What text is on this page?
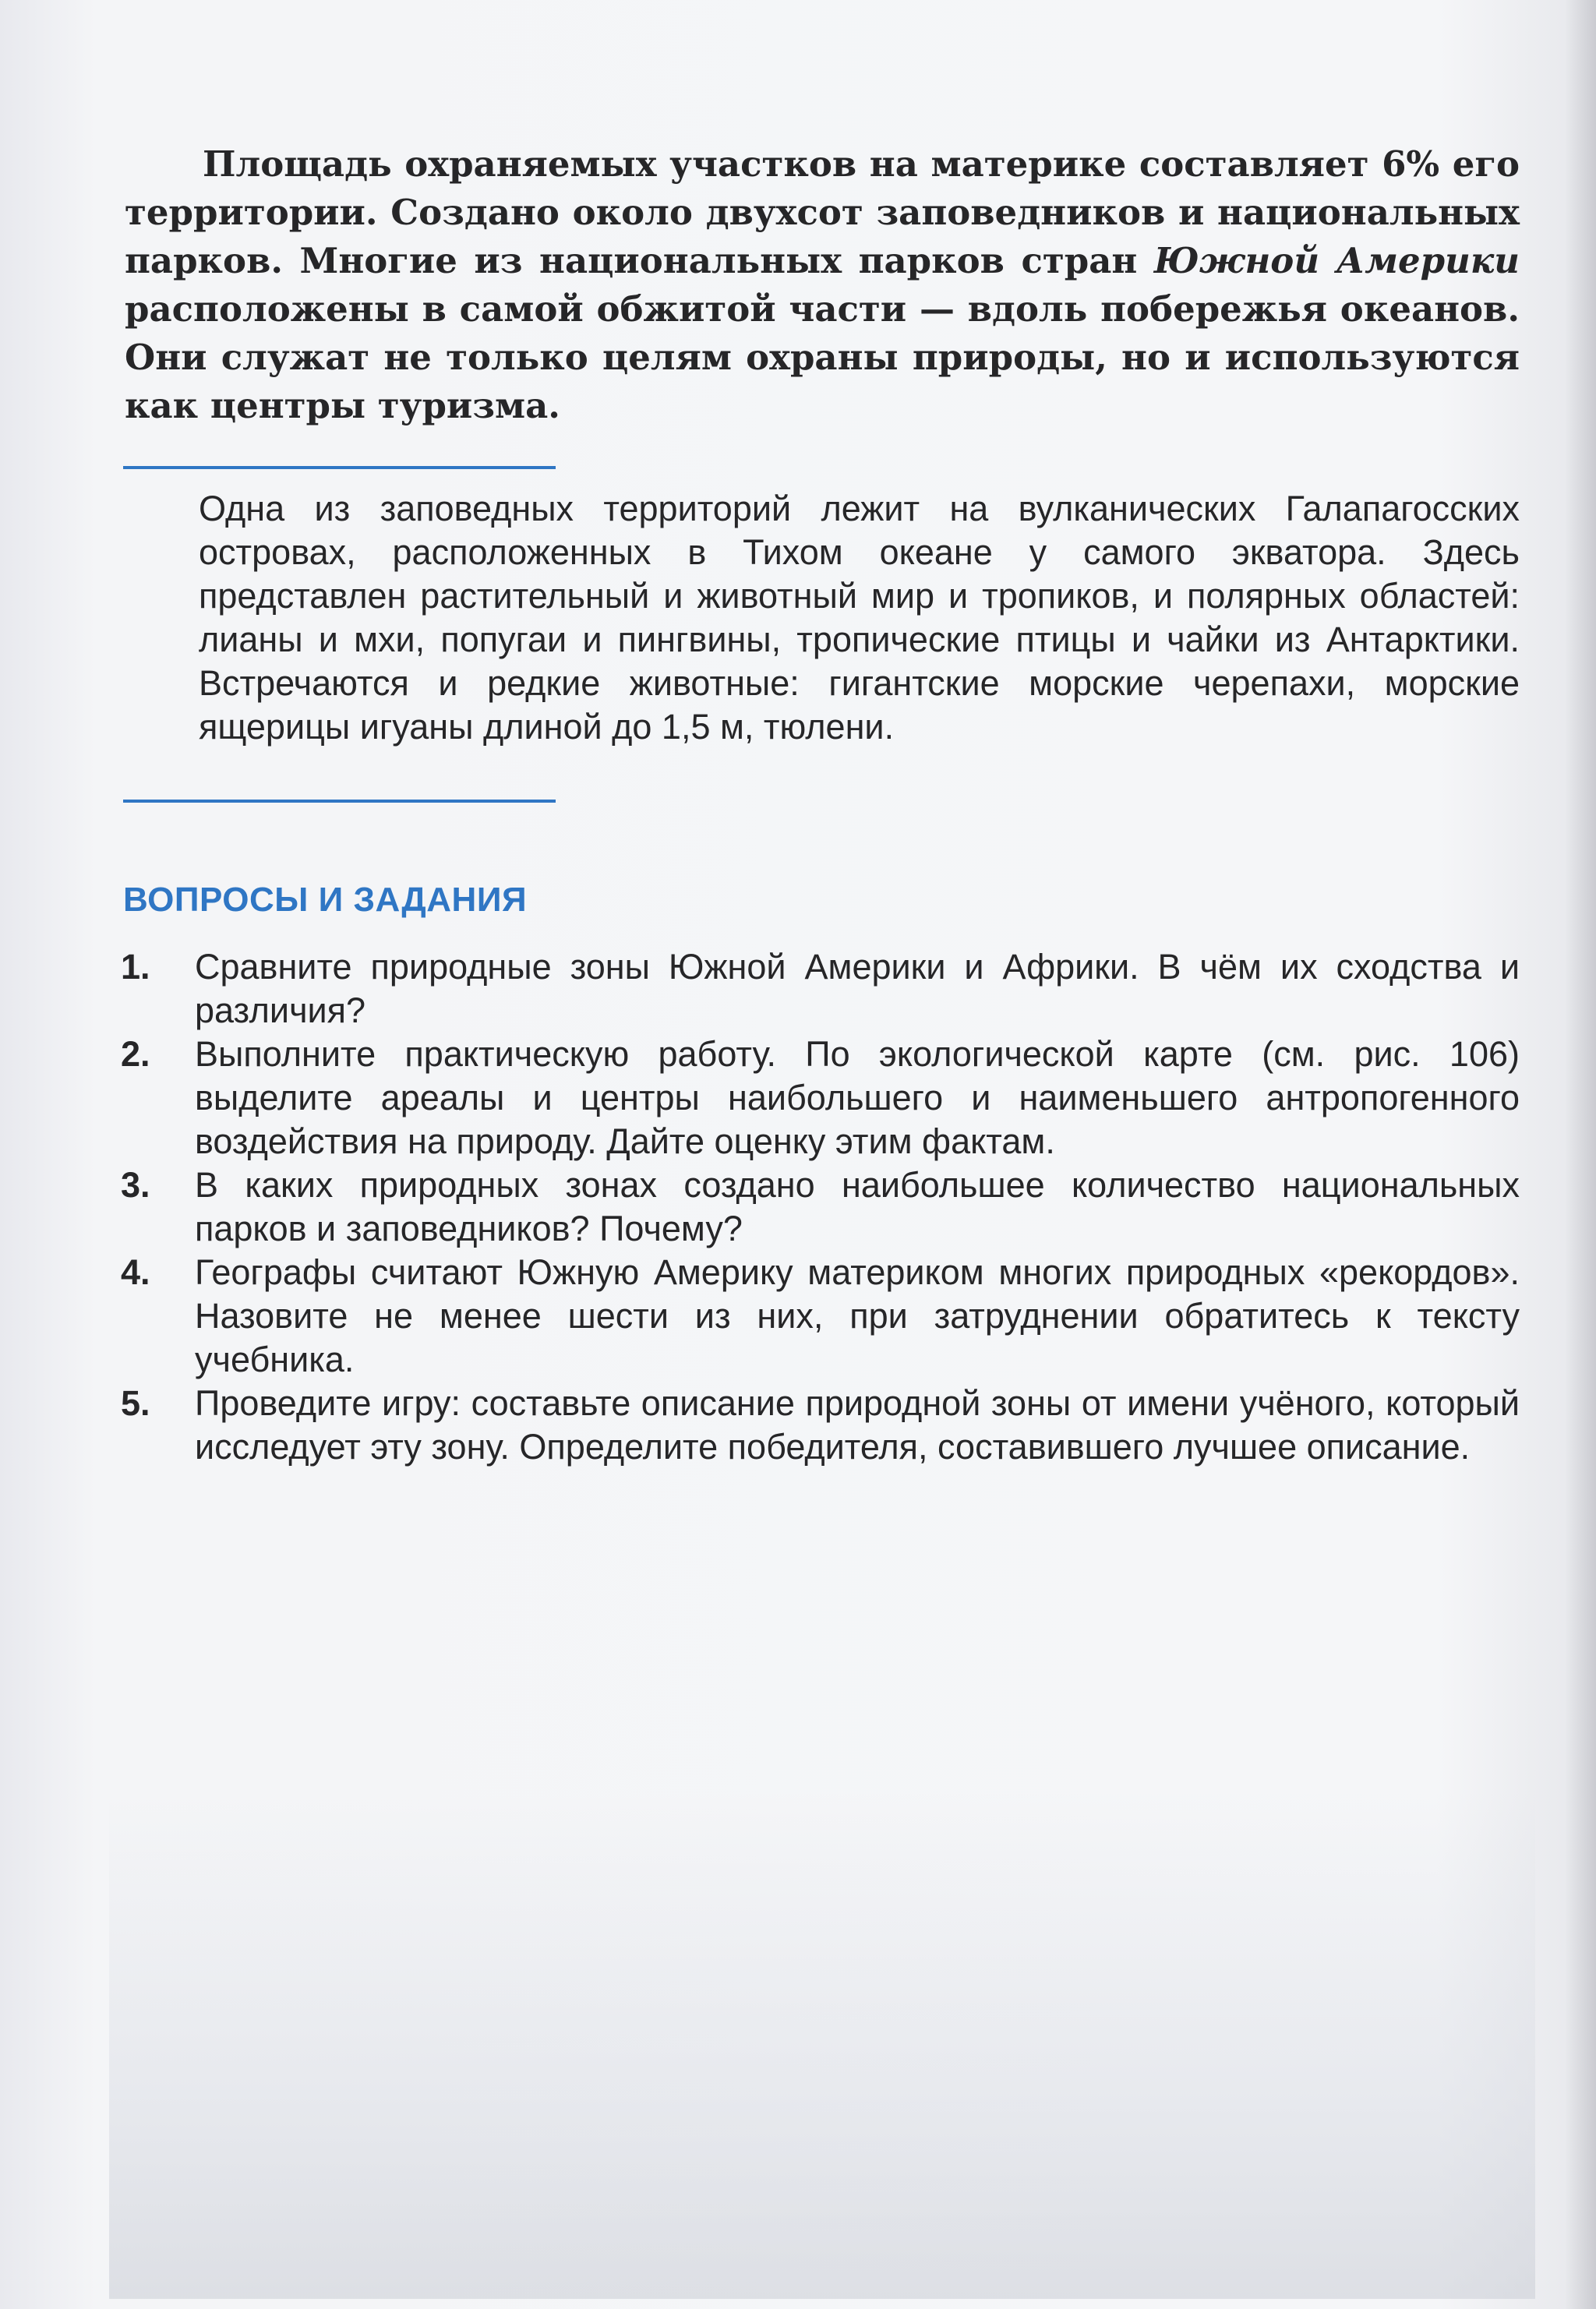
Площадь охраняемых участков на материке составляет 6% его территории. Создано около двухсот заповедников и национальных парков. Многие из национальных парков стран Южной Америки расположены в самой обжитой части — вдоль побережья океанов. Они служат не только целям охраны природы, но и используются как центры туризма.

Одна из заповедных территорий лежит на вулканических Галапагосских островах, расположенных в Тихом океане у самого экватора. Здесь представлен растительный и животный мир и тропиков, и полярных областей: лианы и мхи, попугаи и пингвины, тропические птицы и чайки из Антарктики. Встречаются и редкие животные: гигантские морские черепахи, морские ящерицы игуаны длиной до 1,5 м, тюлени.

ВОПРОСЫ И ЗАДАНИЯ
1. Сравните природные зоны Южной Америки и Африки. В чём их сходства и различия?
2. Выполните практическую работу. По экологической карте (см. рис. 106) выделите ареалы и центры наибольшего и наименьшего антропогенного воздействия на природу. Дайте оценку этим фактам.
3. В каких природных зонах создано наибольшее количество национальных парков и заповедников? Почему?
4. Географы считают Южную Америку материком многих природных «рекордов». Назовите не менее шести из них, при затруднении обратитесь к тексту учебника.
5. Проведите игру: составьте описание природной зоны от имени учёного, который исследует эту зону. Определите победителя, составившего лучшее описание.
